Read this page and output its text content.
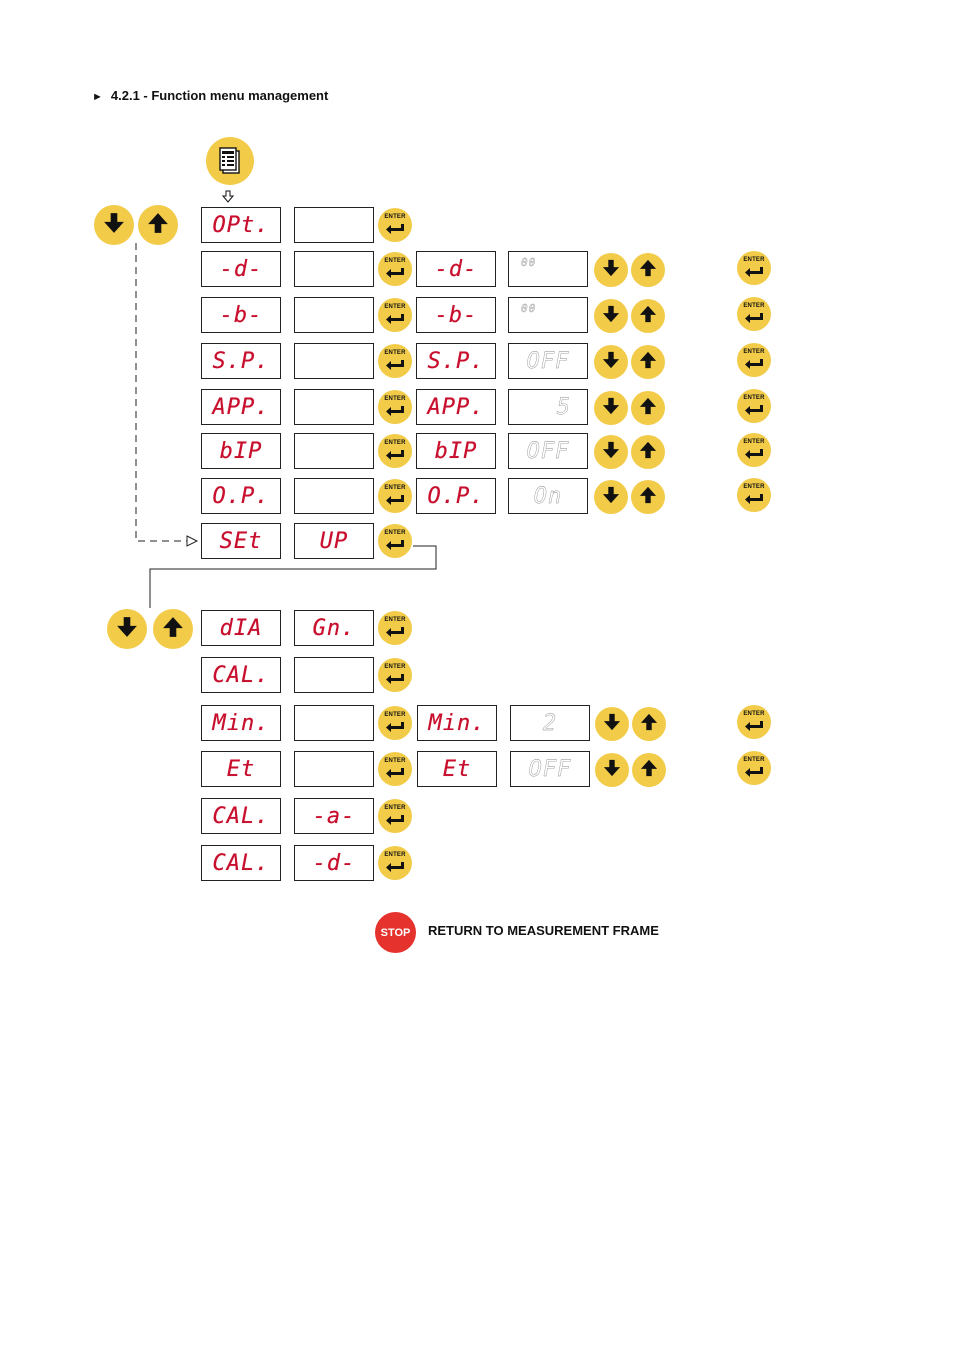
► 4.2.1 - Function menu management
OPt.	ENTER
-d-	ENTER -d-	00	ENTER
-b-	ENTER -b-	00	ENTER
S.P.	ENTER S.P. OFF	ENTER
APP.	ENTER APP.	5	ENTER
bIP	ENTER bIP OFF	ENTER
O.P.	ENTER O.P. On	ENTER
SEt	UP	ENTER
dIA Gn.	ENTER
CAL.	ENTER
Min.	ENTER Min.	2	ENTER
Et	ENTER Et	OFF	ENTER
CAL. -a-	ENTER
CAL. -d-	ENTER
STOP RETURN TO MEASUREMENT FRAME
